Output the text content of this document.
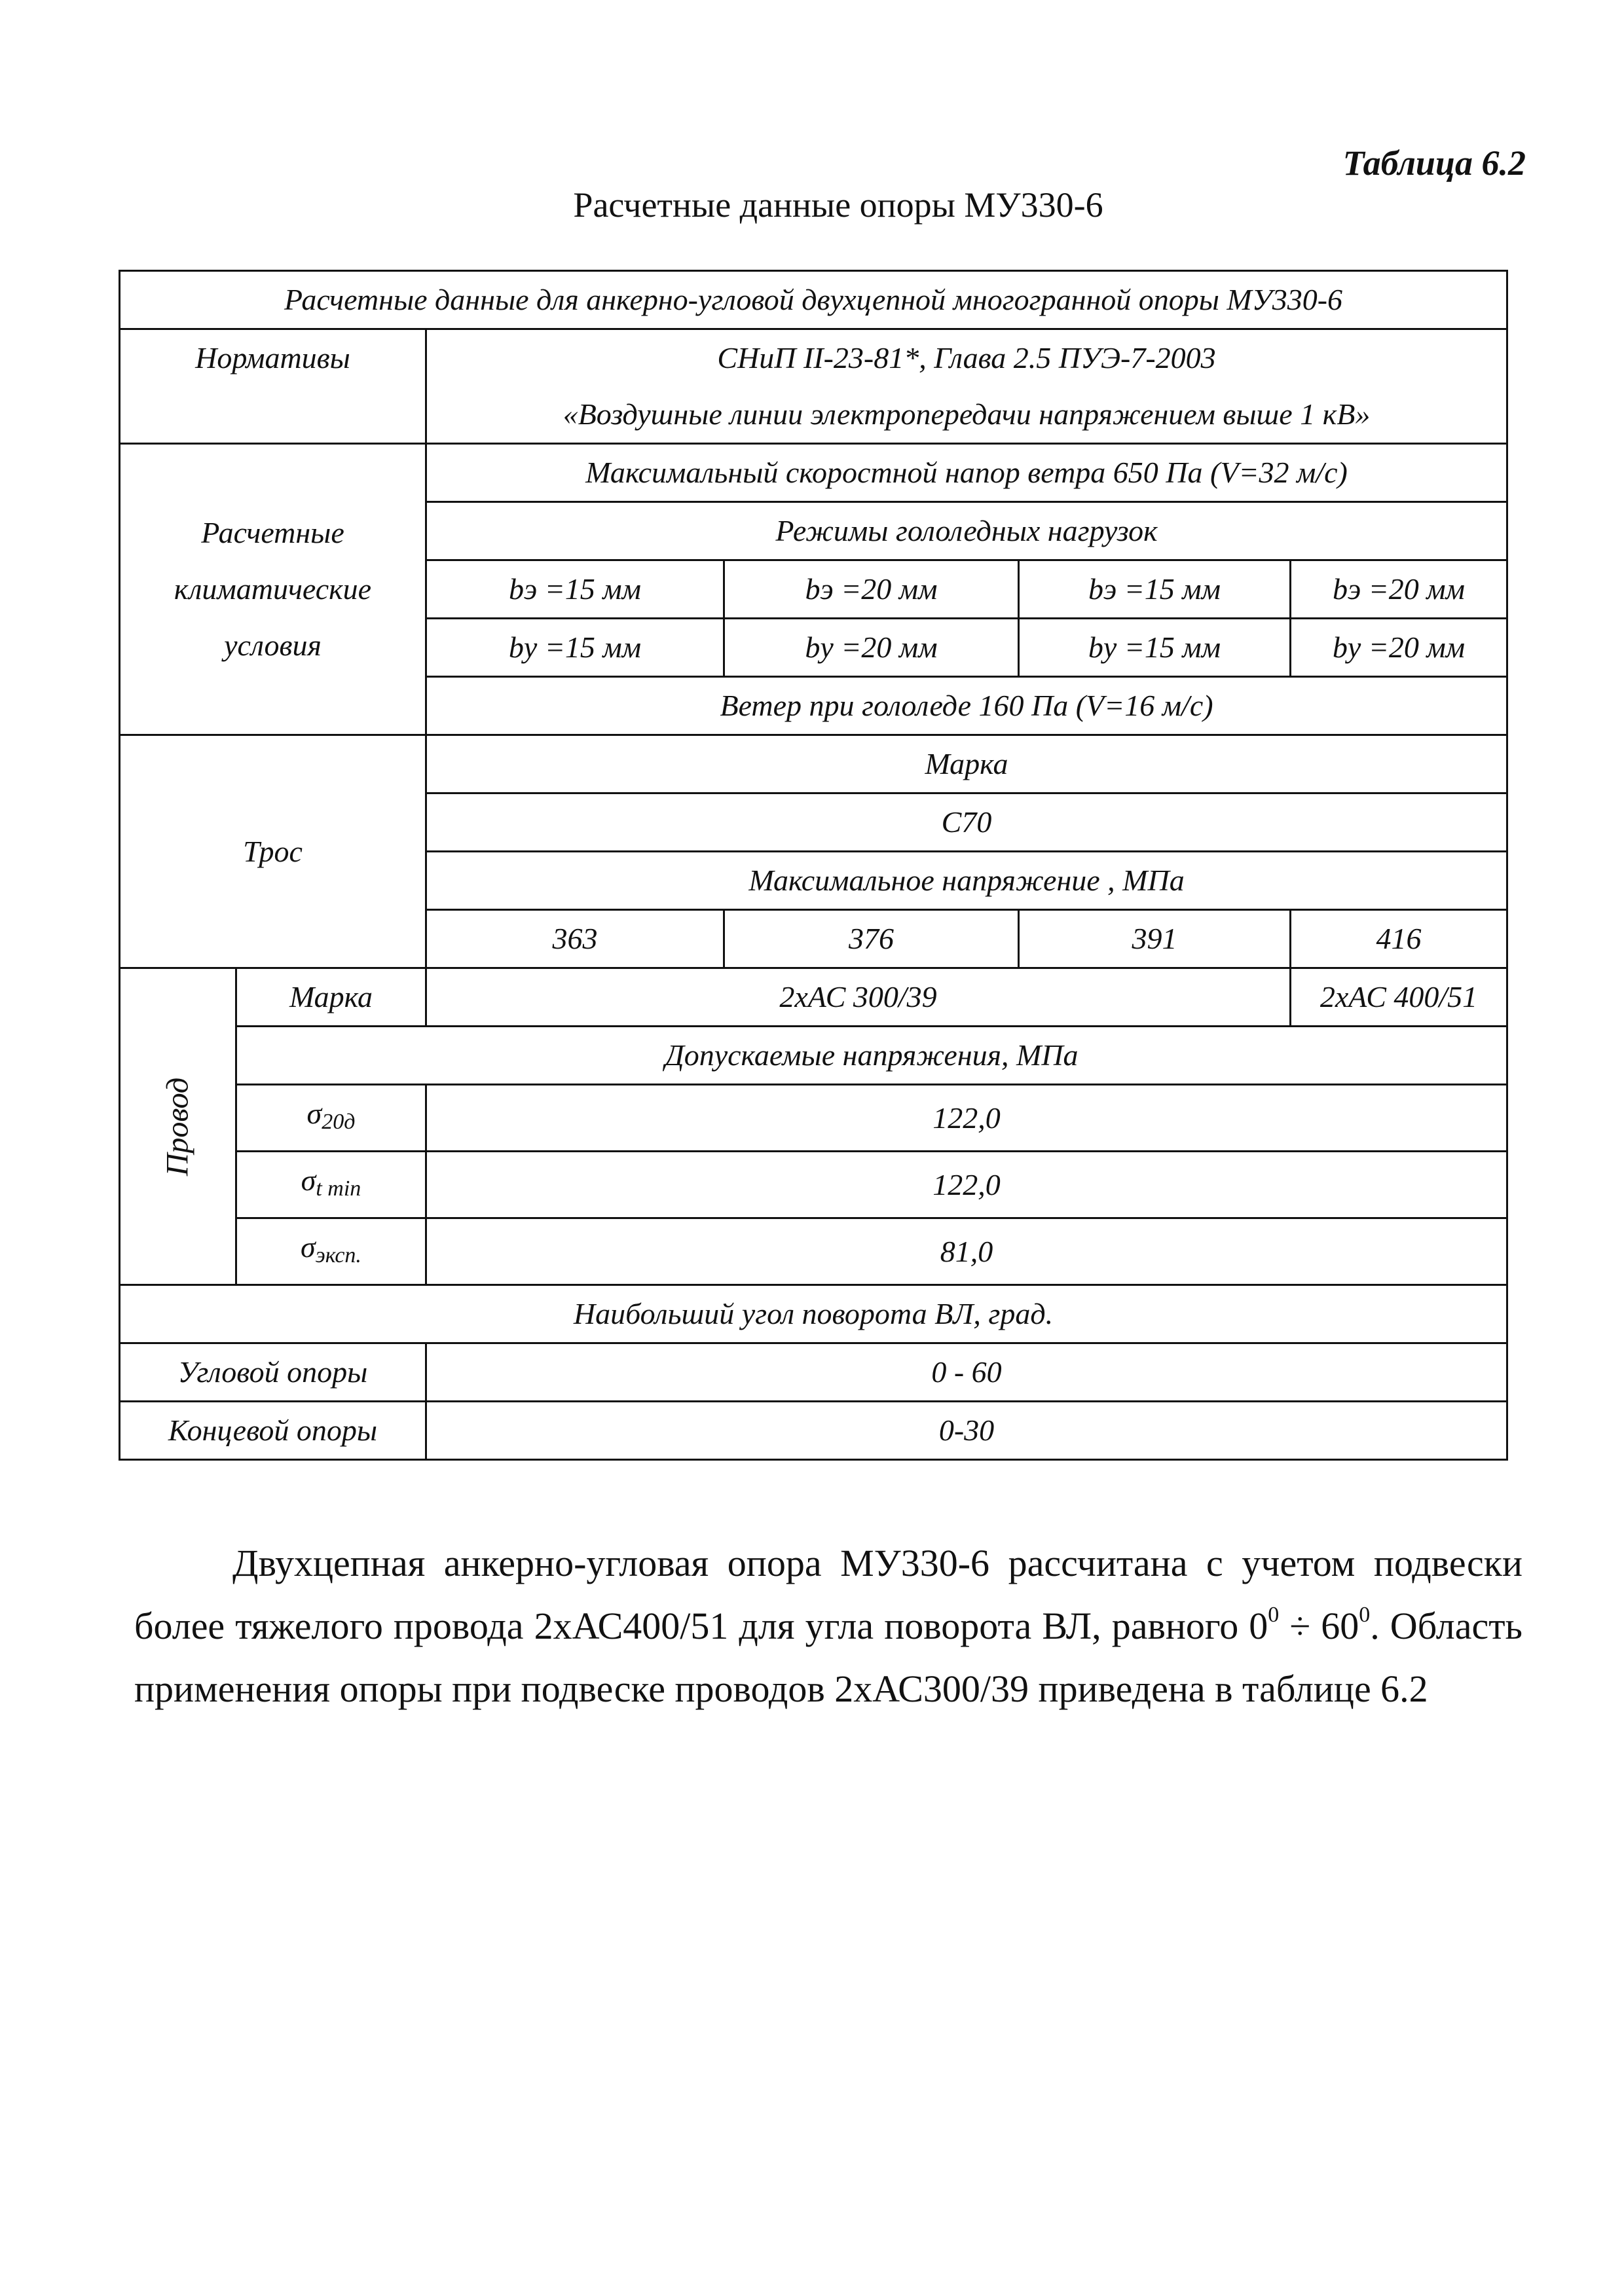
Таблица 6.2
Расчетные данные опоры МУ330-6
Расчетные данные для анкерно-угловой двухцепной многогранной опоры МУ330-6					
Нормативы		СНиП II-23-81*, Глава 2.5 ПУЭ-7-2003
«Воздушные линии электропередачи напряжением выше 1 кВ»			

Расчетные
климатические
условия		Максимальный скоростной напор ветра 650 Па (V=32 м/с)			
		Режимы гололедных нагрузок			
		bэ =15 мм	bэ =20 мм	bэ =15 мм	bэ =20 мм
		by =15 мм	by =20 мм	by =15 мм	by =20 мм
		Ветер при гололеде 160 Па (V=16 м/с)			
Трос		Марка			
		С70			
		Максимальное напряжение , МПа			
		363	376	391	416
Провод	Марка	2хАС 300/39			2хАС 400/51
	Допускаемые напряжения, МПа				
	$\sigma_{20д}$	122,0			
	$\sigma_{t min}$	122,0			
	$\sigma_{эксп.}$	81,0			
Наибольший угол поворота ВЛ, град.					
Угловой опоры		0 - 60			
Концевой опоры		0-30			

Двухцепная анкерно-угловая опора МУ330-6 рассчитана с учетом подвески более тяжелого провода 2хАС400/51 для угла поворота ВЛ, равного $0^0 \div 60^0$. Область применения опоры при подвеске проводов 2хАС300/39 приведена в таблице 6.2
